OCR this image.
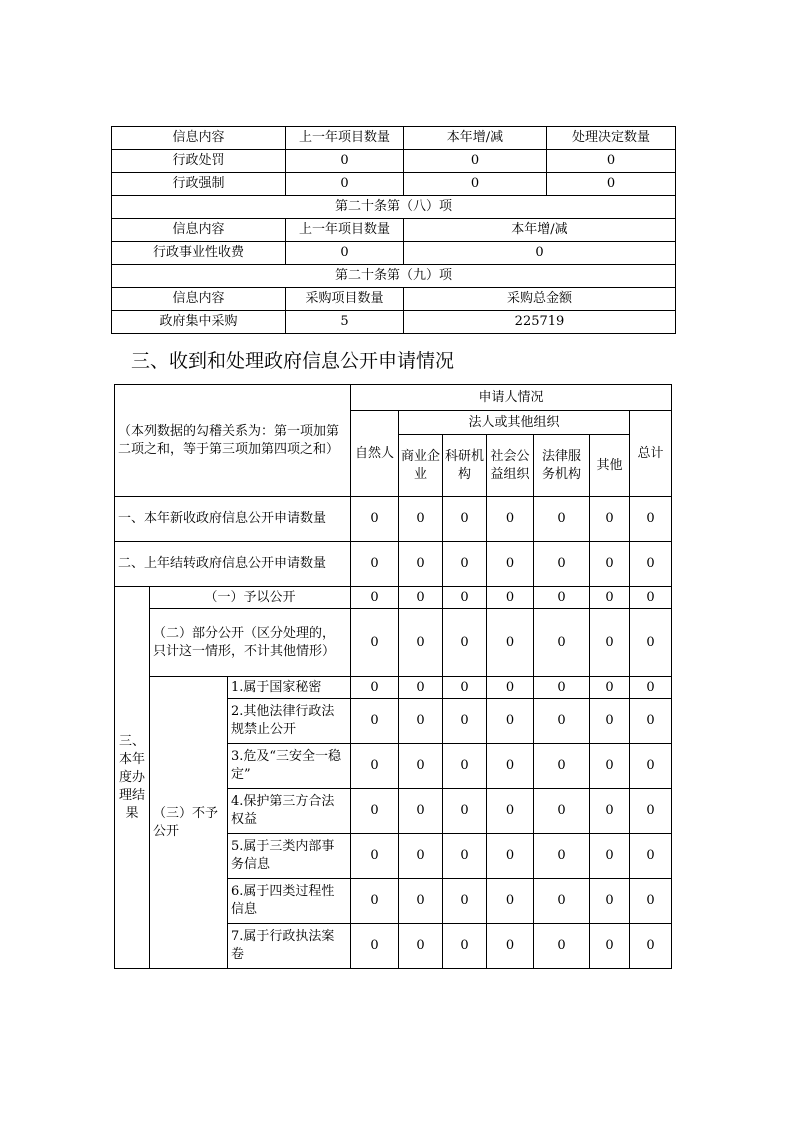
信息内容	上一年项目数量	本年增/减	处理决定数量
行政处罚	0	0	0
行政强制	0	0	0
第二十条第（八）项			
信息内容	上一年项目数量	本年增/减	
行政事业性收费	0	0	
第二十条第（九）项			
信息内容	采购项目数量	采购总金额	
政府集中采购	5	225719	
三、收到和处理政府信息公开申请情况
（本列数据的勾稽关系为：第一项加第二项之和，等于第三项加第四项之和）			申请人情况						
			自然人	法人或其他组织					总计
				商业企业	科研机构	社会公益组织	法律服务机构	其他	
一、本年新收政府信息公开申请数量			0	0	0	0	0	0	0
二、上年结转政府信息公开申请数量			0	0	0	0	0	0	0
三、本年度办理结果	（一）予以公开		0	0	0	0	0	0	0
	（二）部分公开（区分处理的，只计这一情形，不计其他情形）		0	0	0	0	0	0	0
	（三）不予公开	1.属于国家秘密	0	0	0	0	0	0	0
		2.其他法律行政法规禁止公开	0	0	0	0	0	0	0
		3.危及“三安全一稳定”	0	0	0	0	0	0	0
		4.保护第三方合法权益	0	0	0	0	0	0	0
		5.属于三类内部事务信息	0	0	0	0	0	0	0
		6.属于四类过程性信息	0	0	0	0	0	0	0
		7.属于行政执法案卷	0	0	0	0	0	0	0
